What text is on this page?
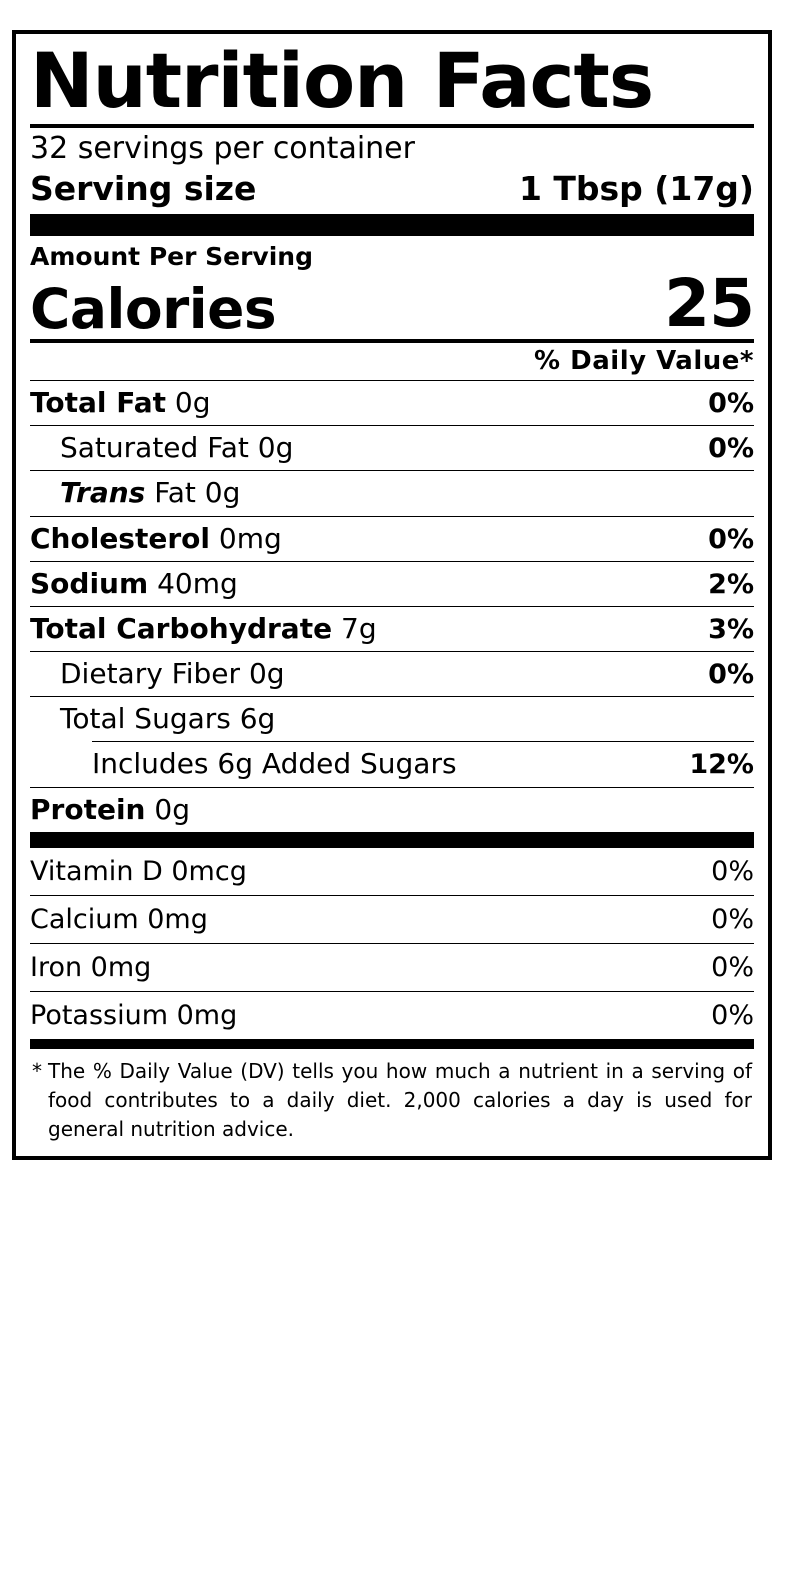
Nutrition Facts
32 servings per container
Serving size	1 Tbsp (17g)
Amount Per Serving
Calories	25
% Daily Value*
Total Fat 0g	0%
Saturated Fat 0g	0%
Trans Fat 0g
Cholesterol 0mg	0%
Sodium 40mg	2%
Total Carbohydrate 7g	3%
Dietary Fiber 0g	0%
Total Sugars 6g
Includes 6g Added Sugars	12%
Protein 0g
Vitamin D 0mcg	0%
Calcium 0mg	0%
Iron 0mg	0%
Potassium 0mg	0%
* The % Daily Value (DV) tells you how much a nutrient in a serving of food contributes to a daily diet. 2,000 calories a day is used for general nutrition advice.
